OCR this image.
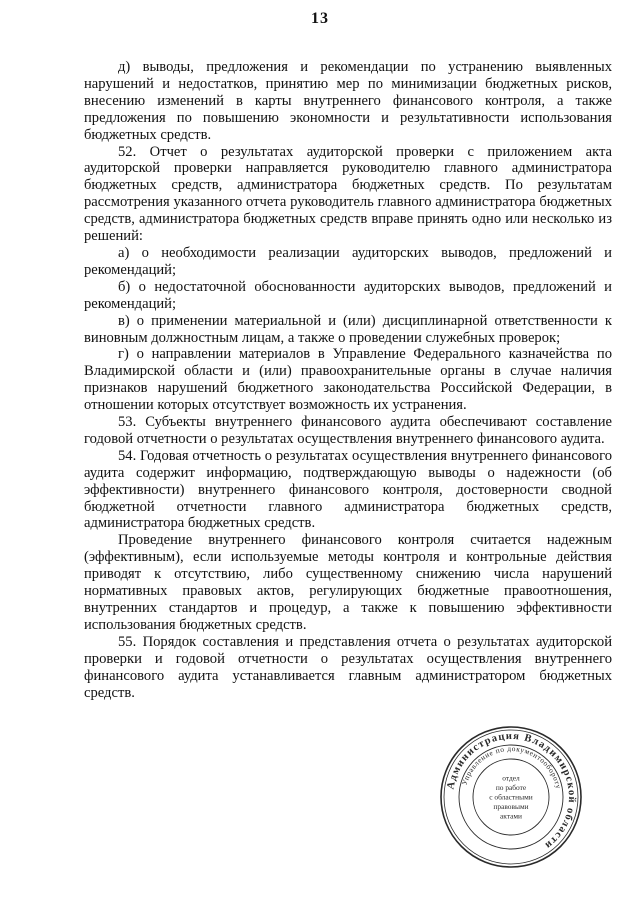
13

д) выводы, предложения и рекомендации по устранению выявленных нарушений и недостатков, принятию мер по минимизации бюджетных рисков, внесению изменений в карты внутреннего финансового контроля, а также предложения по повышению экономности и результативности использования бюджетных средств.

52. Отчет о результатах аудиторской проверки с приложением акта аудиторской проверки направляется руководителю главного администратора бюджетных средств, администратора бюджетных средств. По результатам рассмотрения указанного отчета руководитель главного администратора бюджетных средств, администратора бюджетных средств вправе принять одно или несколько из решений:

а) о необходимости реализации аудиторских выводов, предложений и рекомендаций;

б) о недостаточной обоснованности аудиторских выводов, предложений и рекомендаций;

в) о применении материальной и (или) дисциплинарной ответственности к виновным должностным лицам, а также о проведении служебных проверок;

г) о направлении материалов в Управление Федерального казначейства по Владимирской области и (или) правоохранительные органы в случае наличия признаков нарушений бюджетного законодательства Российской Федерации, в отношении которых отсутствует возможность их устранения.

53. Субъекты внутреннего финансового аудита обеспечивают составление годовой отчетности о результатах осуществления внутреннего финансового аудита.

54. Годовая отчетность о результатах осуществления внутреннего финансового аудита содержит информацию, подтверждающую выводы о надежности (об эффективности) внутреннего финансового контроля, достоверности сводной бюджетной отчетности главного администратора бюджетных средств, администратора бюджетных средств.

Проведение внутреннего финансового контроля считается надежным (эффективным), если используемые методы контроля и контрольные действия приводят к отсутствию, либо существенному снижению числа нарушений нормативных правовых актов, регулирующих бюджетные правоотношения, внутренних стандартов и процедур, а также к повышению эффективности использования бюджетных средств.

55. Порядок составления и представления отчета о результатах аудиторской проверки и годовой отчетности о результатах осуществления внутреннего финансового аудита устанавливается главным администратором бюджетных средств.

Администрация Владимирской области
Управление по документообороту
отдел
по работе
с областными
правовыми
актами
